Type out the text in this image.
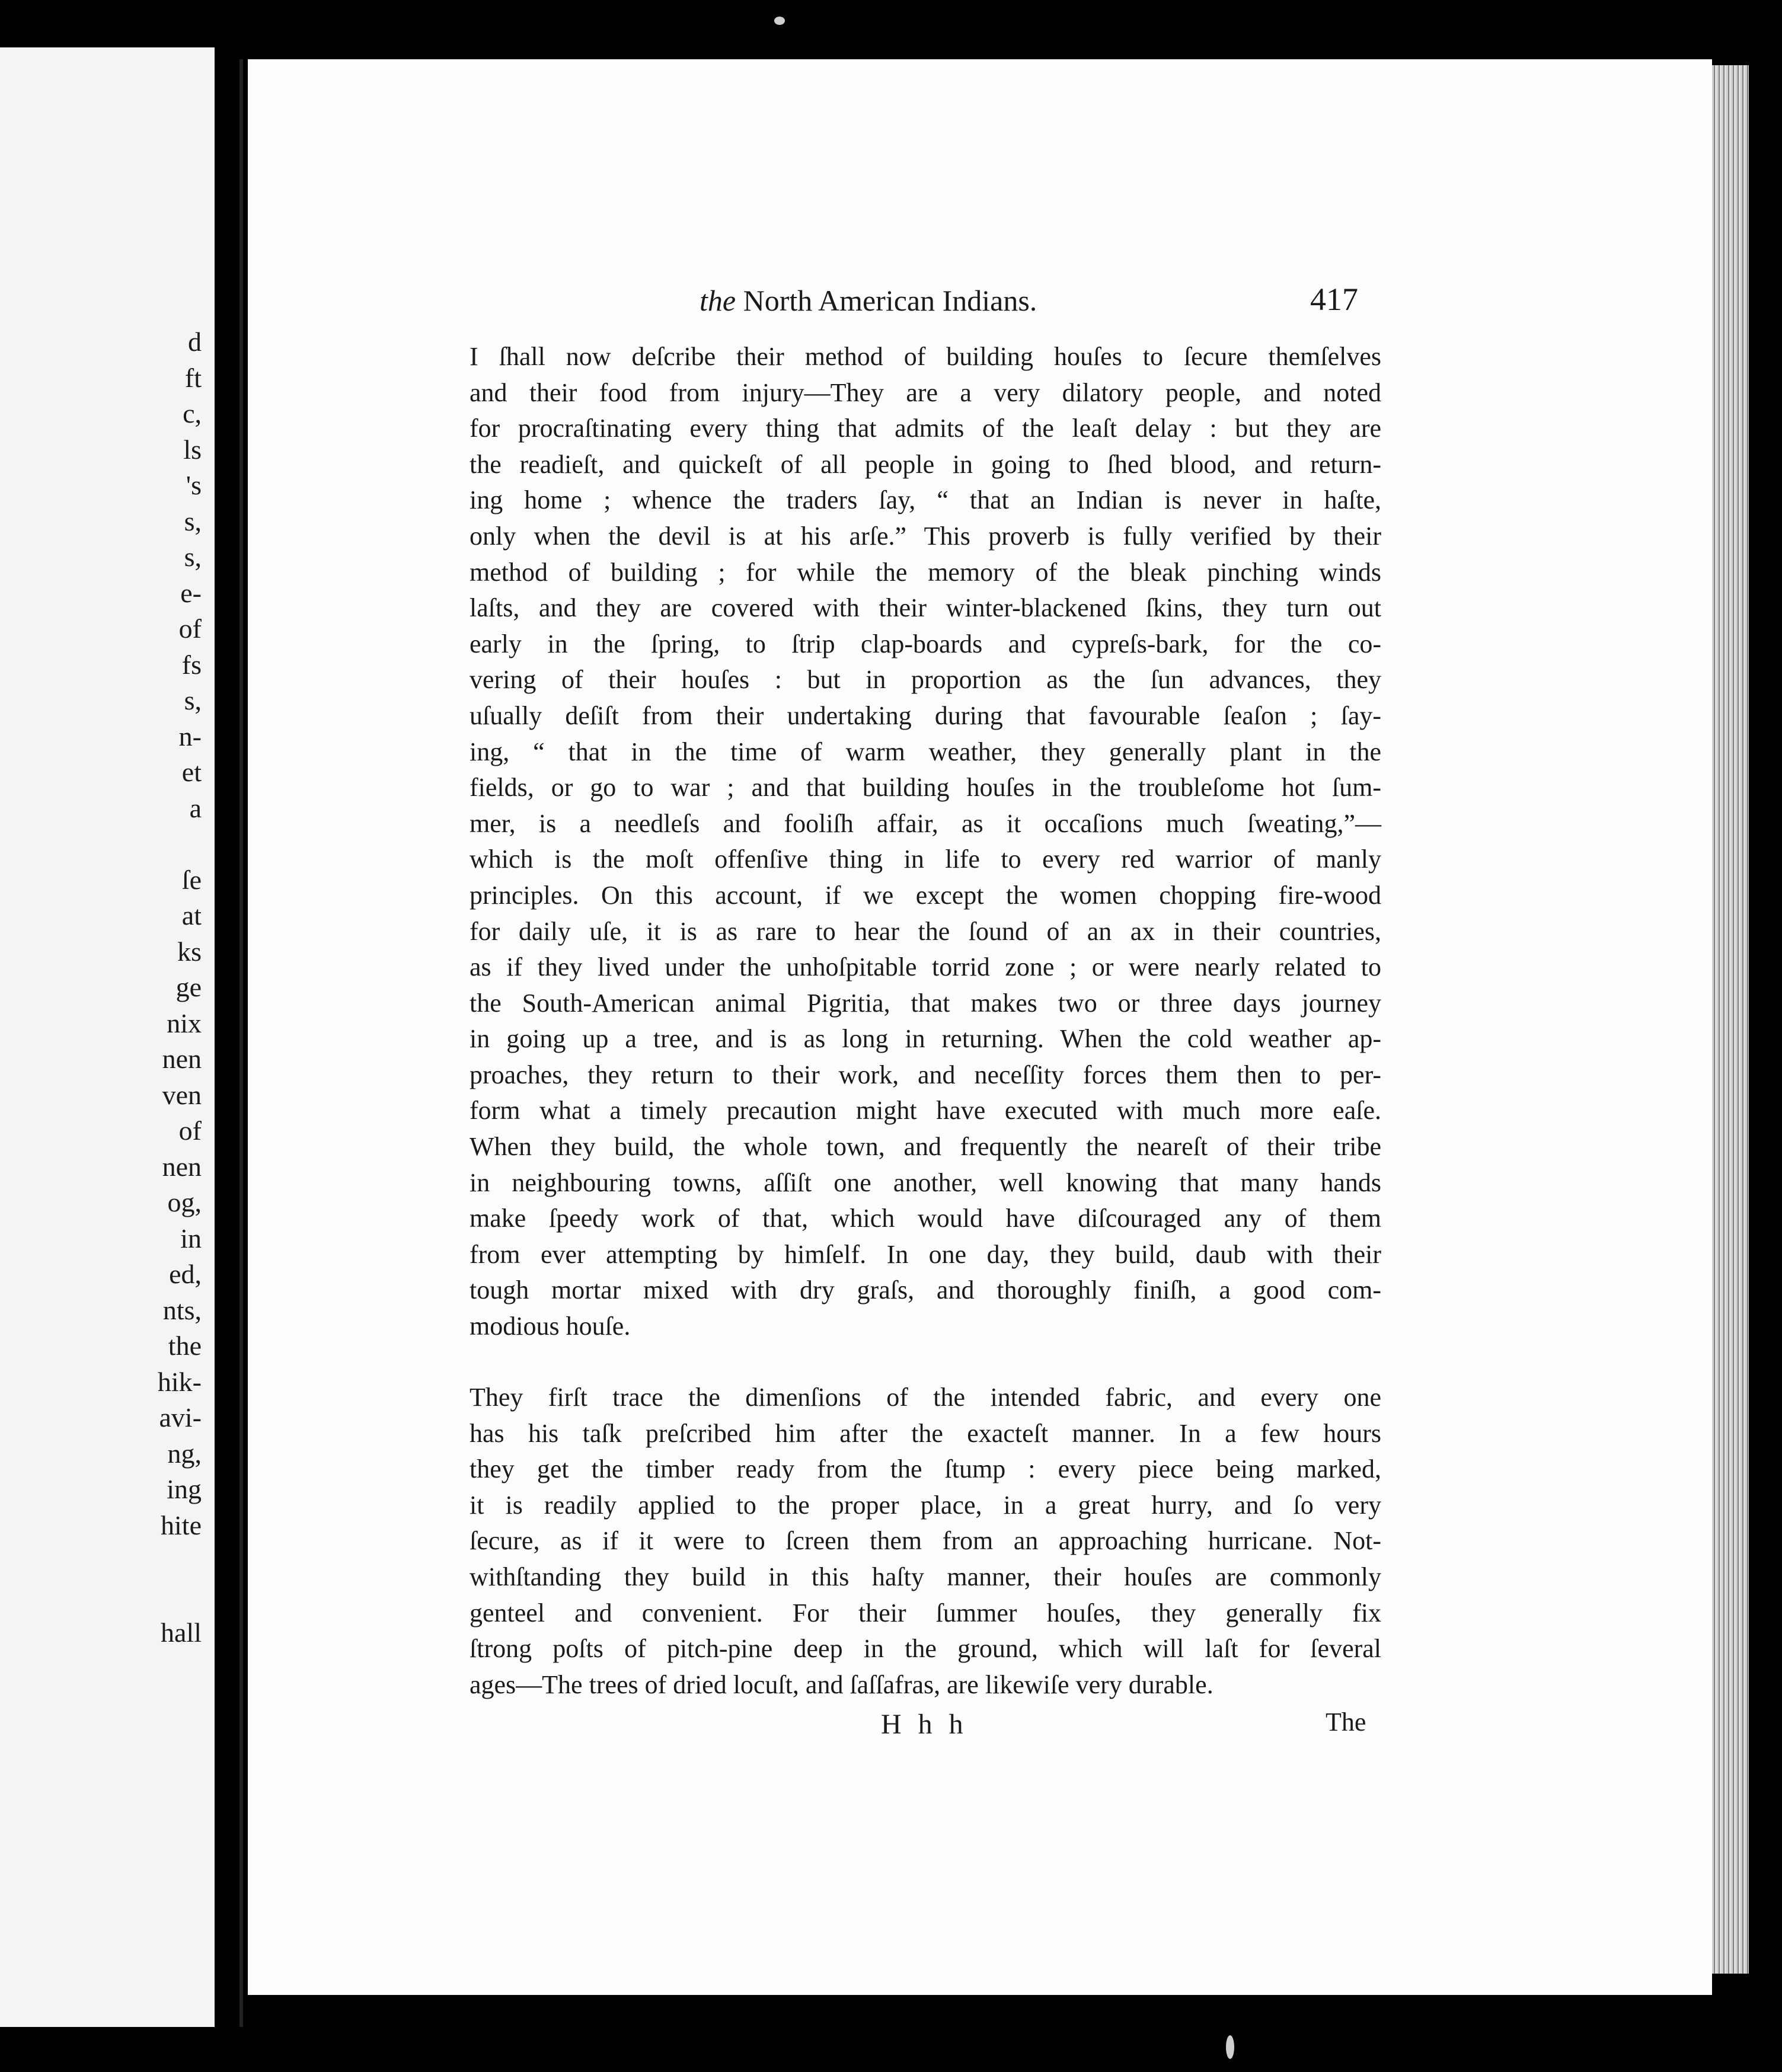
d
ft
c,
ls
's
s,
s,
e-
of
fs
s,
n-
et
a
ſe
at
ks
ge
nix
nen
ven
of
nen
og,
in
ed,
nts,
the
hik-
avi-
ng,
ing
hite
hall
the North American Indians.	417
I ſhall now deſcribe their method of building houſes to ſecure themſelves
and their food from injury—They are a very dilatory people, and noted
for procraſtinating every thing that admits of the leaſt delay : but they are
the readieſt, and quickeſt of all people in going to ſhed blood, and return-
ing home ; whence the traders ſay, “ that an Indian is never in haſte,
only when the devil is at his arſe.” This proverb is fully verified by their
method of building ; for while the memory of the bleak pinching winds
laſts, and they are covered with their winter-blackened ſkins, they turn out
early in the ſpring, to ſtrip clap-boards and cypreſs-bark, for the co-
vering of their houſes : but in proportion as the ſun advances, they
uſually deſiſt from their undertaking during that favourable ſeaſon ; ſay-
ing, “ that in the time of warm weather, they generally plant in the
fields, or go to war ; and that building houſes in the troubleſome hot ſum-
mer, is a needleſs and fooliſh affair, as it occaſions much ſweating,”—
which is the moſt offenſive thing in life to every red warrior of manly
principles. On this account, if we except the women chopping fire-wood
for daily uſe, it is as rare to hear the ſound of an ax in their countries,
as if they lived under the unhoſpitable torrid zone ; or were nearly related to
the South-American animal Pigritia, that makes two or three days journey
in going up a tree, and is as long in returning. When the cold weather ap-
proaches, they return to their work, and neceſſity forces them then to per-
form what a timely precaution might have executed with much more eaſe.
When they build, the whole town, and frequently the neareſt of their tribe
in neighbouring towns, aſſiſt one another, well knowing that many hands
make ſpeedy work of that, which would have diſcouraged any of them
from ever attempting by himſelf. In one day, they build, daub with their
tough mortar mixed with dry graſs, and thoroughly finiſh, a good com-
modious houſe.
They firſt trace the dimenſions of the intended fabric, and every one
has his taſk preſcribed him after the exacteſt manner. In a few hours
they get the timber ready from the ſtump : every piece being marked,
it is readily applied to the proper place, in a great hurry, and ſo very
ſecure, as if it were to ſcreen them from an approaching hurricane. Not-
withſtanding they build in this haſty manner, their houſes are commonly
genteel and convenient. For their ſummer houſes, they generally fix
ſtrong poſts of pitch-pine deep in the ground, which will laſt for ſeveral
ages—The trees of dried locuſt, and ſaſſafras, are likewiſe very durable.
H h h	The
